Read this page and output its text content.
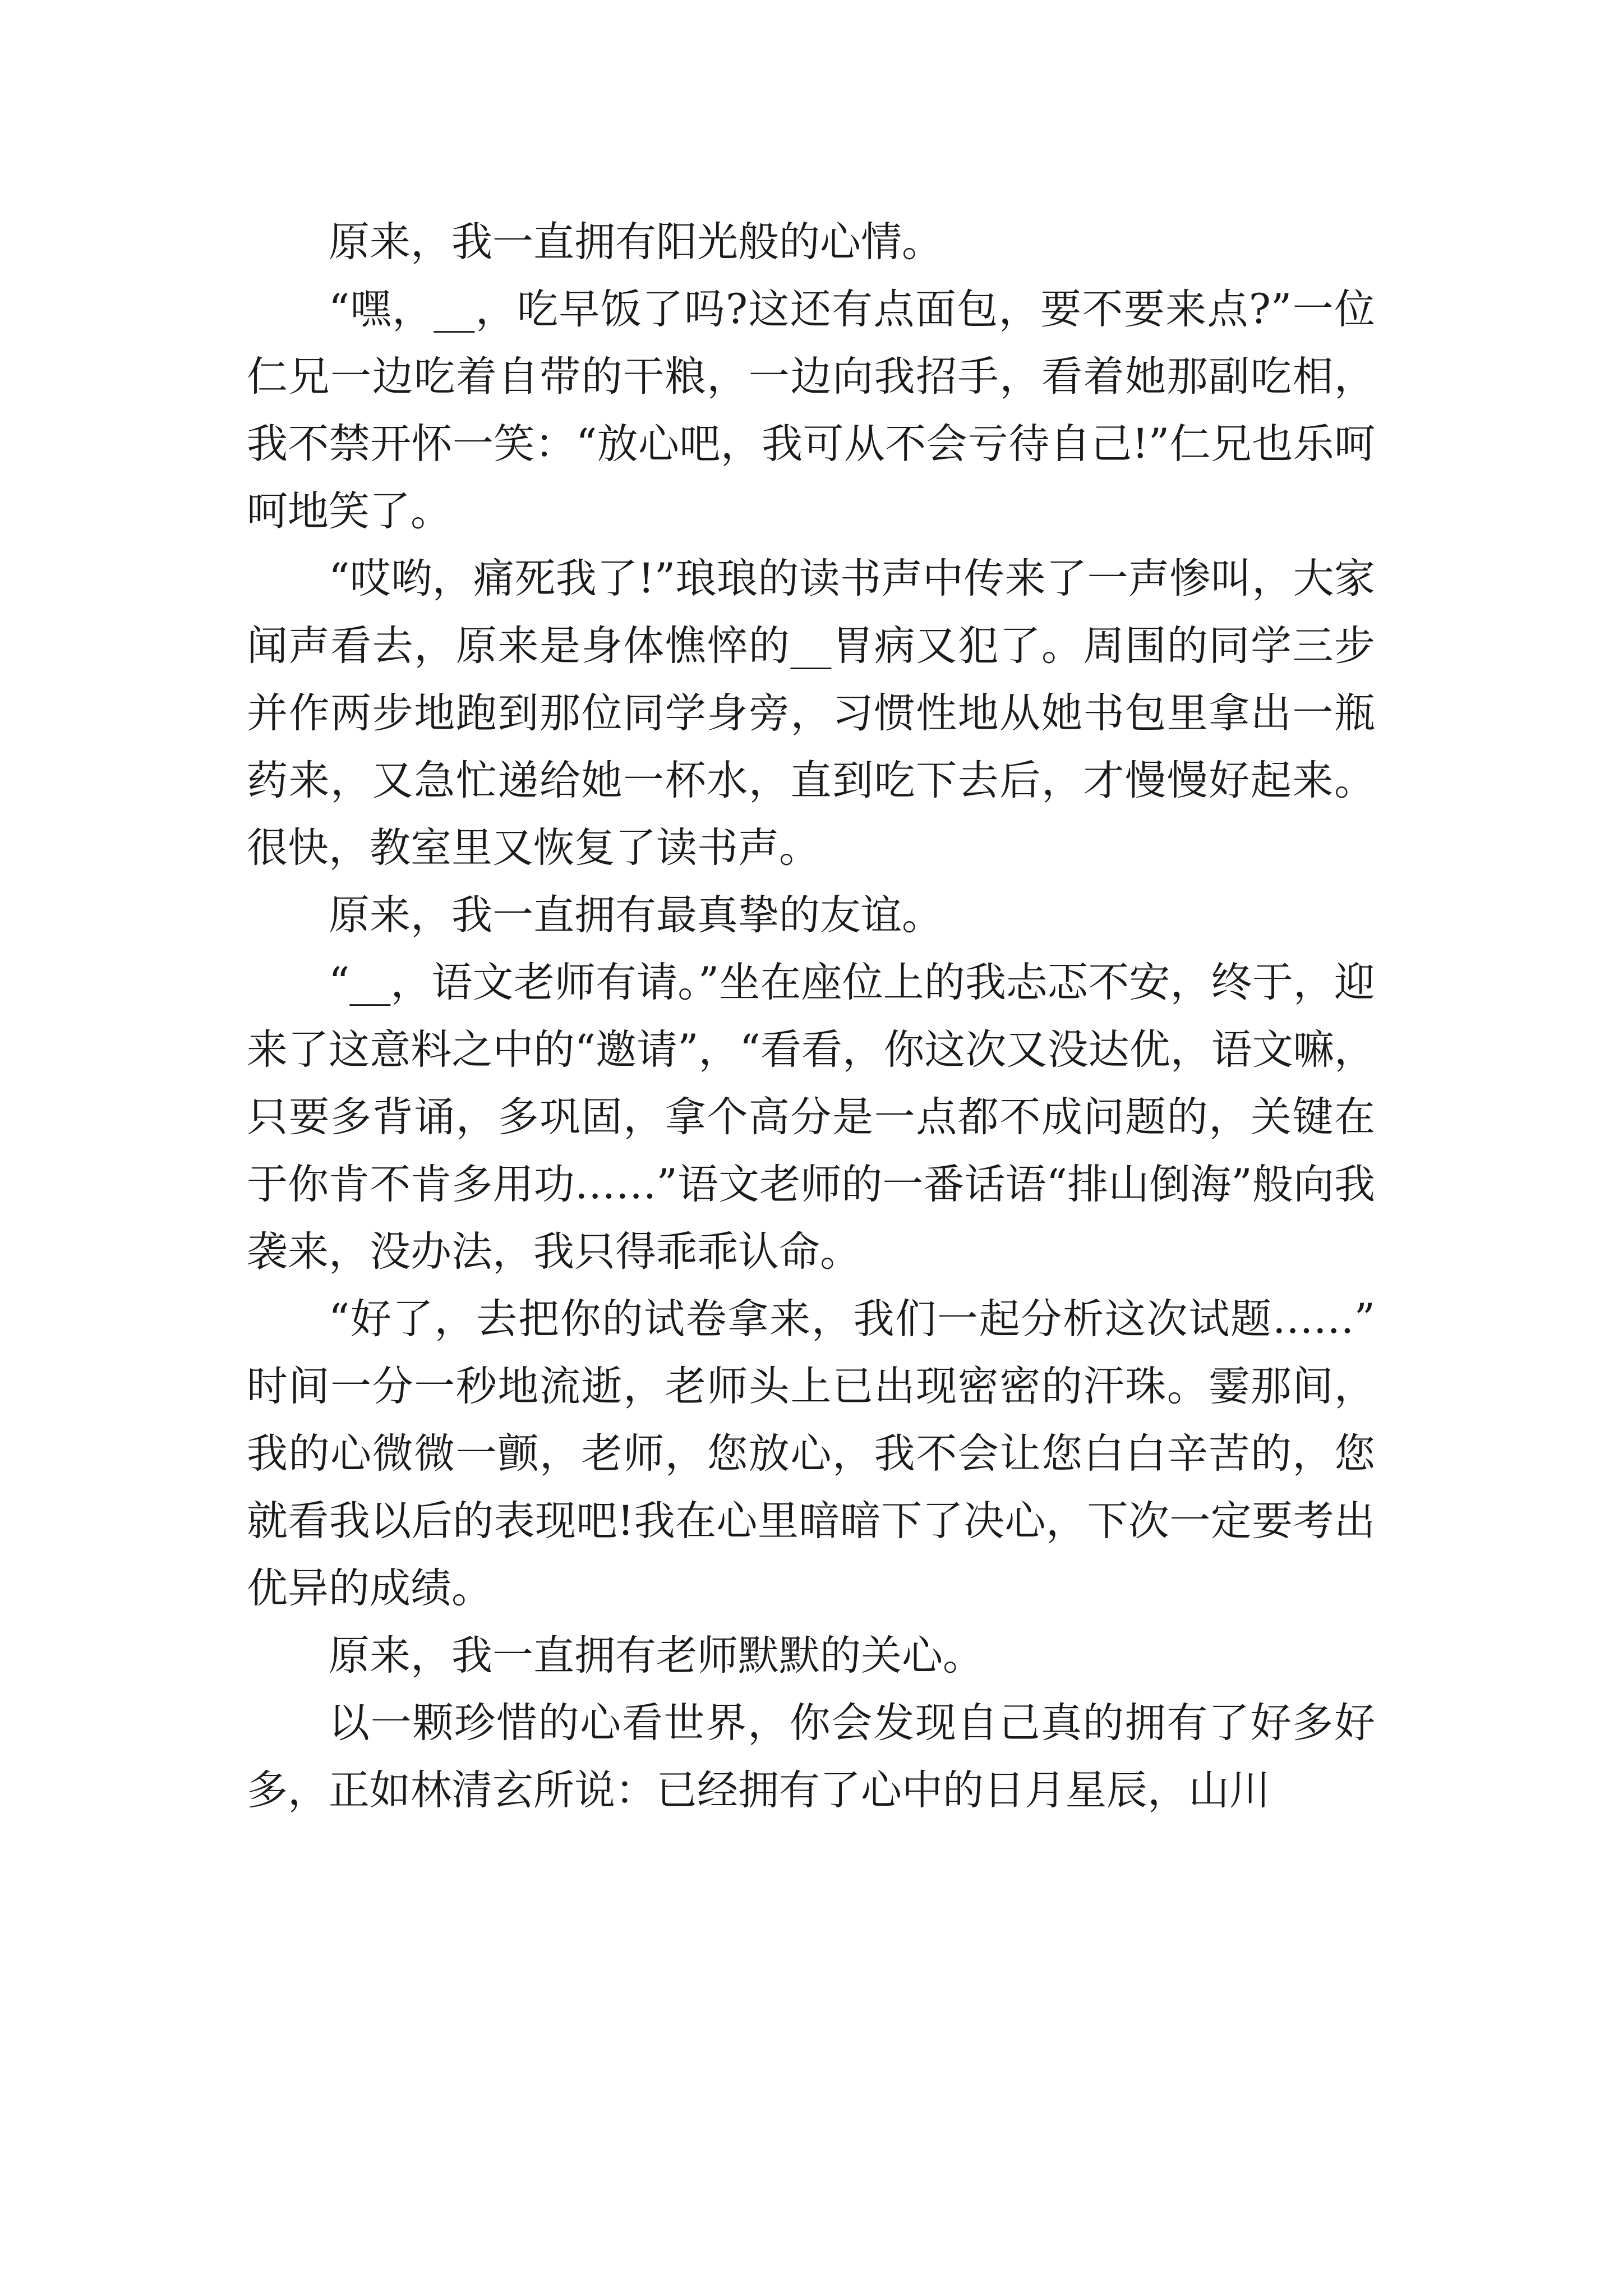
原来，我一直拥有阳光般的心情。

“嘿，__，吃早饭了吗?这还有点面包，要不要来点?”一位仁兄一边吃着自带的干粮，一边向我招手，看着她那副吃相，我不禁开怀一笑：“放心吧，我可从不会亏待自己!”仁兄也乐呵呵地笑了。

“哎哟，痛死我了!”琅琅的读书声中传来了一声惨叫，大家闻声看去，原来是身体憔悴的__胃病又犯了。周围的同学三步并作两步地跑到那位同学身旁，习惯性地从她书包里拿出一瓶药来，又急忙递给她一杯水，直到吃下去后，才慢慢好起来。很快，教室里又恢复了读书声。

原来，我一直拥有最真挚的友谊。

“__，语文老师有请。”坐在座位上的我忐忑不安，终于，迎来了这意料之中的“邀请”，“看看，你这次又没达优，语文嘛，只要多背诵，多巩固，拿个高分是一点都不成问题的，关键在于你肯不肯多用功……”语文老师的一番话语“排山倒海”般向我袭来，没办法，我只得乖乖认命。

“好了，去把你的试卷拿来，我们一起分析这次试题……”时间一分一秒地流逝，老师头上已出现密密的汗珠。霎那间，我的心微微一颤，老师，您放心，我不会让您白白辛苦的，您就看我以后的表现吧!我在心里暗暗下了决心，下次一定要考出优异的成绩。

原来，我一直拥有老师默默的关心。

以一颗珍惜的心看世界，你会发现自己真的拥有了好多好多，正如林清玄所说：已经拥有了心中的日月星辰，山川
